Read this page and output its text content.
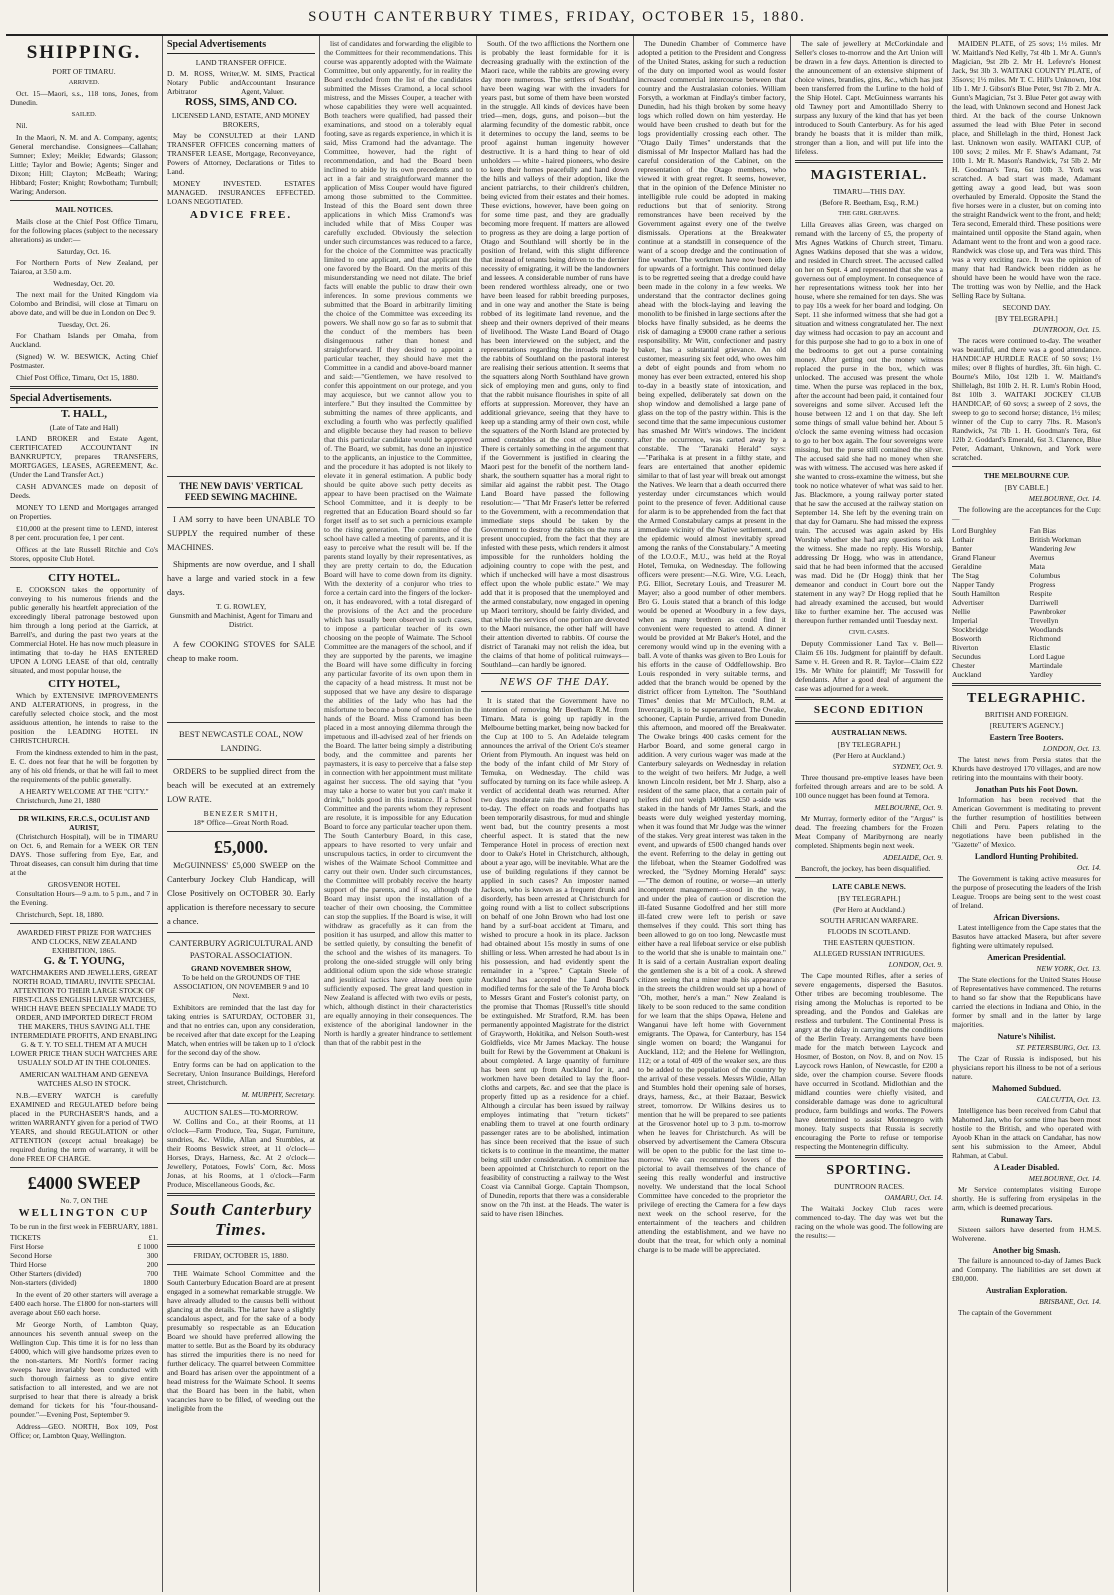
SOUTH CANTERBURY TIMES, FRIDAY, OCTOBER 15, 1880.
SHIPPING.
PORT OF TIMARU.
ARRIVED.

Oct. 15—Maori, s.s., 118 tons, Jones, from Dunedin.

SAILED.

Nil.

In the Maori, N. M. and A. Company, agents; General merchandise. Consignees—Callahan; Sumner; Exley; Meikle; Edwards; Glasson; Little; Taylor and Bowie; Agents; Singer and Dixon; Hill; Clayton; McBeath; Waring; Hibbard; Foster; Knight; Rowbotham; Turnbull; Waring; Anderson.

MAIL NOTICES.

Mails close at the Chief Post Office Timaru, for the following places (subject to the necessary alterations) as under:—

Saturday, Oct. 16.

For Northern Ports of New Zealand, per Taiaroa, at 3.50 a.m.

Wednesday, Oct. 20.

The next mail for the United Kingdom via Colombo and Brindisi, will close at Timaru on above date, and will be due in London on Dec 9.

Tuesday, Oct. 26.

For Chatham Islands per Omaha, from Auckland.

(Signed) W. W. BESWICK, Acting Chief Postmaster.

Chief Post Office, Timaru, Oct 15, 1880.

Special Advertisements.
T. HALL,
(Late of Tate and Hall)

LAND BROKER and Estate Agent, CERTIFICATED ACCOUNTANT IN BANKRUPTCY, prepares TRANSFERS, MORTGAGES, LEASES, AGREEMENT, &c. (Under the Land Transfer Act.)

CASH ADVANCES made on deposit of Deeds.

MONEY TO LEND and Mortgages arranged on Properties.

£10,000 at the present time to LEND, interest 8 per cent. procuration fee, 1 per cent.

Offices at the late Russell Ritchie and Co's Stores, opposite Club Hotel.

CITY HOTEL.

E. COOKSON takes the opportunity of conveying to his numerous friends and the public generally his heartfelt appreciation of the exceedingly liberal patronage bestowed upon him through a long period at the Garrick, at Barrell's, and during the past two years at the Commercial Hotel. He has now much pleasure in intimating that to-day he HAS ENTERED UPON A LONG LEASE of that old, centrally situated, and most popular house, the

CITY HOTEL,

Which by EXTENSIVE IMPROVEMENTS AND ALTERATIONS, in progress, in the carefully selected choice stock, and the most assiduous attention, he intends to raise to the position the LEADING HOTEL IN CHRISTCHURCH.

From the kindness extended to him in the past, E. C. does not fear that he will be forgotten by any of his old friends, or that he will fail to meet the requirements of the public generally.

A HEARTY WELCOME AT THE "CITY."

Christchurch, June 21, 1880

DR WILKINS, F.R.C.S., OCULIST AND AURIST,

(Christchurch Hospital), will be in TIMARU on Oct. 6, and Remain for a WEEK OR TEN DAYS. Those suffering from Eye, Ear, and Throat diseases, can consult him during that time at the

GROSVENOR HOTEL

Consultation Hours—9 a.m. to 5 p.m., and 7 in the Evening.

Christchurch, Sept. 18, 1880.

AWARDED FIRST PRIZE FOR WATCHES AND CLOCKS, NEW ZEALAND EXHIBITION, 1865.
G. & T. YOUNG,
WATCHMAKERS AND JEWELLERS, GREAT NORTH ROAD, TIMARU, INVITE SPECIAL ATTENTION TO THEIR LARGE STOCK OF FIRST-CLASS ENGLISH LEVER WATCHES, WHICH HAVE BEEN SPECIALLY MADE TO ORDER, AND IMPORTED DIRECT FROM THE MAKERS, THUS SAVING ALL THE INTERMEDIATE PROFITS, AND ENABLING G. & T. Y. TO SELL THEM AT A MUCH LOWER PRICE THAN SUCH WATCHES ARE USUALLY SOLD AT IN THE COLONIES.
AMERICAN WALTHAM AND GENEVA WATCHES ALSO IN STOCK.

N.B.—EVERY WATCH is carefully EXAMINED and REGULATED before being placed in the PURCHASER'S hands, and a written WARRANTY given for a period of TWO YEARS, and should REGULATION or other ATTENTION (except actual breakage) be required during the term of warranty, it will be done FREE OF CHARGE.

£4000 SWEEP
No. 7, ON THE
WELLINGTON CUP
To be run in the first week in FEBRUARY, 1881.
TICKETS	£1.
First Horse	£ 1000
Second Horse	300
Third Horse	200
Other Starters (divided)	700
Non-starters (divided)	1800

In the event of 20 other starters will average a £400 each horse. The £1800 for non-starters will average about £60 each horse.

Mr George North, of Lambton Quay, announces his seventh annual sweep on the Wellington Cup. This time it is for no less than £4000, which will give handsome prizes even to the non-starters. Mr North's former racing sweeps have invariably been conducted with such thorough fairness as to give entire satisfaction to all interested, and we are not surprised to hear that there is already a brisk demand for tickets for his "four-thousand-pounder."—Evening Post, September 9.

Address—GEO. NORTH, Box 109, Post Office; or, Lambton Quay, Wellington.

Special Advertisements
LAND TRANSFER OFFICE.
D. M. ROSS, Writer, Notary Public and Arbitrator	W. M. SIMS, Practical Accountant Insurance Agent, Valuer.
ROSS, SIMS, AND CO.
LICENSED LAND, ESTATE, AND MONEY BROKERS,

May be CONSULTED at their LAND TRANSFER OFFICES concerning matters of TRANSFER LEASE, Mortgage, Reconveyance, Powers of Attorney, Declarations or Titles to Land.

MONEY INVESTED. ESTATES MANAGED. INSURANCES EFFECTED. LOANS NEGOTIATED.

ADVICE FREE.
THE NEW DAVIS' VERTICAL FEED SEWING MACHINE.

I AM sorry to have been UNABLE TO SUPPLY the required number of these MACHINES.

Shipments are now overdue, and I shall have a large and varied stock in a few days.

T. G. ROWLEY,
Gunsmith and Machinist, Agent for Timaru and District.

A few COOKING STOVES for SALE cheap to make room.

BEST NEWCASTLE COAL, NOW LANDING.

ORDERS to be supplied direct from the beach will be executed at an extremely LOW RATE.

BENEZER SMITH,
18* Office—Great North Road.
£5,000.

McGUINNESS' £5,000 SWEEP on the Canterbury Jockey Club Handicap, will Close Positively on OCTOBER 30. Early application is therefore necessary to secure a chance.

CANTERBURY AGRICULTURAL AND PASTORAL ASSOCIATION.
GRAND NOVEMBER SHOW,
To be held on the GROUNDS OF THE ASSOCIATION, ON NOVEMBER 9 and 10 Next.

Exhibitors are reminded that the last day for taking entries is SATURDAY, OCTOBER 31, and that no entries can, upon any consideration, be received after that date except for the Leaping Match, when entries will be taken up to 1 o'clock for the second day of the show.

Entry forms can be had on application to the Secretary, Union Insurance Buildings, Hereford street, Christchurch.

M. MURPHY, Secretary.
AUCTION SALES—TO-MORROW.

W. Collins and Co., at their Rooms, at 11 o'clock—Farm Produce, Tea, Sugar, Furniture, sundries, &c. Wildie, Allan and Stumbles, at their Rooms Beswick street, at 11 o'clock—Horses, Drays, Harness, &c. At 2 o'clock—Jewellery, Potatoes, Fowls' Corn, &c. Moss Jonas, at his Rooms, at 1 o'clock—Farm Produce, Miscellaneous Goods, &c.

South Canterbury Times.
FRIDAY, OCTOBER 15, 1880.

THE Waimate School Committee and the South Canterbury Education Board are at present engaged in a somewhat remarkable struggle. We have already alluded to the causus belli without glancing at the details. The latter have a slightly scandalous aspect, and for the sake of a body presumably so respectable as an Education Board we should have preferred allowing the matter to settle. But as the Board by its obduracy has stirred the impurities there is no need for further delicacy. The quarrel between Committee and Board has arisen over the appointment of a head mistress for the Waimate School. It seems that the Board has been in the habit, when vacancies have to be filled, of weeding out the ineligible from the

list of candidates and forwarding the eligible to the Committees for their recommendations. This course was apparently adopted with the Waimate Committee, but only apparently, for in reality the Board excluded from the list of the candidates submitted the Misses Cramond, a local school mistress, and the Misses Couper, a teacher with whose capabilities they were well acquainted. Both teachers were qualified, had passed their examinations, and stood on a tolerably equal footing, save as regards experience, in which it is said, Miss Cramond had the advantage. The Committee, however, had the right of recommendation, and had the Board been inclined to abide by its own precedents and to act in a fair and straightforward manner the application of Miss Couper would have figured among those submitted to the Committee. Instead of this the Board sent down three applications in which Miss Cramond's was included while that of Miss Couper was carefully excluded. Obviously the selection under such circumstances was reduced to a farce, for the choice of the Committee was practically limited to one applicant, and that applicant the one favored by the Board. On the merits of this misunderstanding we need not dilate. The brief facts will enable the public to draw their own inferences. In some previous comments we submitted that the Board in arbitrarily limiting the choice of the Committee was exceeding its powers. We shall now go so far as to submit that the conduct of the members has been disingenuous rather than honest and straightforward. If they desired to appoint a particular teacher, they should have met the Committee in a candid and above-board manner and said:—"Gentlemen, we have resolved to confer this appointment on our protege, and you may acquiesce, but we cannot allow you to interfere." But they insulted the Committee by submitting the names of three applicants, and excluding a fourth who was perfectly qualified and eligible because they had reason to believe that this particular candidate would be approved of. The Board, we submit, has done an injustice to the applicants, an injustice to the Committee, and the procedure it has adopted is not likely to elevate it in general estimation. A public body should be quite above such petty deceits as appear to have been practised on the Waimate School Committee, and it is deeply to be regretted that an Education Board should so far forget itself as to set such a pernicious example to the rising generation. The committee of the school have called a meeting of parents, and it is easy to perceive what the result will be. If the parents stand loyally by their representatives, as they are pretty certain to do, the Education Board will have to come down from its dignity. With the dexterity of a conjuror who tries to force a certain card into the fingers of the locker-on, it has endeavored, with a total disregard of the provisions of the Act and the procedure which has usually been observed in such cases, to impose a particular teacher of its own choosing on the people of Waimate. The School Committee are the managers of the school, and if they are supported by the parents, we imagine the Board will have some difficulty in forcing any particular favorite of its own upon them in the capacity of a head mistress. It must not be supposed that we have any desire to disparage the abilities of the lady who has had the misfortune to become a bone of contention in the hands of the Board. Miss Cramond has been placed in a most annoying dilemma through the impetuous and ill-advised zeal of her friends on the Board. The latter being simply a distributing body, and the committee and parents her paymasters, it is easy to perceive that a false step in connection with her appointment must militate against her success. The old saying that "you may take a horse to water but you can't make it drink," holds good in this instance. If a School Committee and the parents whom they represent are resolute, it is impossible for any Education Board to force any particular teacher upon them. The South Canterbury Board, in this case, appears to have resorted to very unfair and unscrupulous tactics, in order to circumvent the wishes of the Waimate School Committee and carry out their own. Under such circumstances, the Committee will probably receive the hearty support of the parents, and if so, although the Board may insist upon the installation of a teacher of their own choosing, the Committee can stop the supplies. If the Board is wise, it will withdraw as gracefully as it can from the position it has usurped, and allow this matter to be settled quietly, by consulting the benefit of the school and the wishes of its managers. To prolong the one-sided struggle will only bring additional odium upon the side whose strategic and jesuitical tactics have already been quite sufficiently exposed. The great land question in New Zealand is affected with two evils or pests, which, although distinct in their characteristics are equally annoying in their consequences. The existence of the aboriginal landowner in the North is hardly a greater hindrance to settlement than that of the rabbit pest in the

South. Of the two afflictions the Northern one is probably the least formidable for it is decreasing gradually with the extinction of the Maori race, while the rabbits are growing every day more numerous. The settlers of Southland have been waging war with the invaders for years past, but some of them have been worsted in the struggle. All kinds of devices have been tried—men, dogs, guns, and poison—but the alarming fecundity of the domestic rabbit, once it determines to occupy the land, seems to be proof against human ingenuity however destructive. It is a hard thing to hear of old unholders — white - haired pioneers, who desire to keep their homes peacefully and hand down the hills and valleys of their adoption, like the ancient patriarchs, to their children's children, being evicted from their estates and their homes. These evictions, however, have been going on for some time past, and they are gradually becoming more frequent. If matters are allowed to progress as they are doing a large portion of Otago and Southland will shortly be in the position of Ireland, with this slight difference that instead of tenants being driven to the dernier necessity of emigrating, it will be the landowners and lessees. A considerable number of runs have been rendered worthless already, one or two have been leased for rabbit breeding purposes, and in one way and another the State is being robbed of its legitimate land revenue, and the sheep and their owners deprived of their means of livelihood. The Waste Land Board of Otago has been interviewed on the subject, and the representations regarding the inroads made by the rabbits of Southland on the pastoral interest are realising their serious attention. It seems that the squatters along North Southland have grown sick of employing men and guns, only to find that the rabbit nuisance flourishes in spite of all efforts at suppression. Moreover, they have an additional grievance, seeing that they have to keep up a standing army of their own cost, while the squatters of the North Island are protected by armed constables at the cost of the country. There is certainly something in the argument that if the Government is justified in clearing the Maori pest for the benefit of the northern land-shark, the southern squatter has a moral right to similar aid against the rabbit pest. The Otago Land Board have passed the following resolution:— "That Mr Fraser's letter be referred to the Government, with a recommendation that immediate steps should be taken by the Government to destroy the rabbits on the runs at present unoccupied, from the fact that they are infested with these pests, which renders it almost impossible for the runholders holding the adjoining country to cope with the pest, and which if unchecked will have a most disastrous effect upon the whole public estate." We may add that it is proposed that the unemployed and the armed constabulary, now engaged in opening up Maori territory, should be fairly divided, and that while the services of one portion are devoted to the Maori nuisance, the other half will have their attention diverted to rabbits. Of course the district of Taranaki may not relish the idea, but the claims of that home of political ruinways—Southland—can hardly be ignored.

NEWS OF THE DAY.

It is stated that the Government have no intention of removing Mr Beetham R.M. from Timaru. Mata is going up rapidly in the Melbourne betting market, being now backed for the Cup at 100 to 5. An Adelaide telegram announces the arrival of the Orient Co's steamer Orient from Plymouth. An inquest was held on the body of the infant child of Mr Story of Temuka, on Wednesday. The child was suffocated by turning on its face while asleep. A verdict of accidental death was returned. After two days moderate rain the weather cleared up to-day. The effect on roads and footpaths has been temporarily disastrous, for mud and shingle went bad, but the country presents a most cheerful aspect. It is stated that the new Temperance Hotel in process of erection next door to Oake's Hotel in Christchurch, although, about a year ago, will be inevitable. What are the use of building regulations if they cannot be applied in such cases? An imposter named Jackson, who is known as a frequent drunk and disorderly, has been arrested at Christchurch for going round with a list to collect subscriptions on behalf of one John Brown who had lost one hand by a surf-boat accident at Timaru, and wished to procure a hook in its place. Jackson had obtained about 15s mostly in sums of one shilling or less. When arrested he had about 1s in his possession, and had evidently spent the remainder in a "spree." Captain Steele of Auckland has accepted the Land Board's modified terms for the sale of the Te Aroha block to Messrs Grant and Foster's colonist party, on the promise that Thomas [Russell's title should be extinguished. Mr Stratford, R.M. has been permanently appointed Magistrate for the district of Grayworth, Hokitika, and Nelson South-west Goldfields, vice Mr James Mackay. The house built for Rewi by the Government at Ohakuni is about completed. A large quantity of furniture has been sent up from Auckland for it, and workmen have been detailed to lay the floor-cloths and carpets, &c. and see that the place is properly fitted up as a residence for a chief. Although a circular has been issued by railway employes intimating that "return tickets" enabling them to travel at one fourth ordinary passenger rates are to be abolished, intimation has since been received that the issue of such tickets is to continue in the meantime, the matter being still under consideration. A committee has been appointed at Christchurch to report on the feasibility of constructing a railway to the West Coast via Cannibal Gorge. Captain Thompson, of Dunedin, reports that there was a considerable snow on the 7th inst. at the Heads. The water is said to have risen 18inches.

The Dunedin Chamber of Commerce have adopted a petition to the President and Congress of the United States, asking for such a reduction of the duty on imported wool as would foster increased commercial intercourse between that country and the Australasian colonies. William Forsyth, a workman at Findlay's timber factory, Dunedin, had his thigh broken by some heavy logs which rolled down on him yesterday. He would have been crushed to death but for the logs providentially crossing each other. The "Otago Daily Times" understands that the dismissal of Mr Inspector Mallard has had the careful consideration of the Cabinet, on the representation of the Otago members, who viewed it with great regret. It seems, however, that in the opinion of the Defence Minister no intelligible rule could be adopted in making reductions but that of seniority. Strong remonstrances have been received by the Government against every one of the twelve dismissals. Operations at the Breakwater continue at a standstill in consequence of the want of a scoop dredge and the continuation of fine weather. The workmen have now been idle for upwards of a fortnight. This continued delay is to be regretted seeing that a dredge could have been made in the colony in a few weeks. We understand that the contractor declines going ahead with the block-laying and leaving the monolith to be finished in large sections after the blocks have finally subsided, as he deems the risk of damaging a £9000 crane rather a serious responsibility. Mr Witt, confectioner and pastry baker, has a substantial grievance. An old customer, measuring six feet odd, who owes him a debt of eight pounds and from whom no money has ever been extracted, entered his shop to-day in a beastly state of intoxication, and being expelled, deliberately sat down on the shop window and demolished a large pane of glass on the top of the pastry within. This is the second time that the same impecunious customer has smashed Mr Witt's windows. The incident after the occurrence, was carted away by a constable. The "Taranaki Herald" says:—"Parihaka is at present in a filthy state, and fears are entertained that another epidemic similar to that of last year will break out amongst the Natives. We learn that a death occurred there yesterday under circumstances which would point to the presence of fever. Additional cause for alarm is to be apprehended from the fact that the Armed Constabulary camps at present in the immediate vicinity of the Native settlement, and the epidemic would almost inevitably spread among the ranks of the Constabulary." A meeting of the I.O.O.F., M.U., was held at the Royal Hotel, Temuka, on Wednesday. The following officers were present:—N.G. Wire, V.G. Leach, P.G. Elliot, Secretary Louis, and Treasurer M. Mayer; also a good number of other members. Bro G. Louis stated that a branch of this lodge would be opened at Woodbury in a few days, when as many brethren as could find it convenient were requested to attend. A dinner would be provided at Mr Baker's Hotel, and the ceremony would wind up in the evening with a ball. A vote of thanks was given to Bro Louis for his efforts in the cause of Oddfellowship. Bro Louis responded in very suitable terms, and added that the branch would be opened by the district officer from Lyttelton. The "Southland Times" denies that Mr M'Culloch, R.M. at Invercargill, is to be superannuated. The Owake, schooner, Captain Purdie, arrived from Dunedin this afternoon, and moored off the Breakwater. The Owake brings 400 casks cement for the Harbor Board, and some general cargo in addition. A very curious wager was made at the Canterbury saleyards on Wednesday in relation to the weight of two heifers. Mr Judge, a well known Lincoln resident, bet Mr J. Sharp, also a resident of the same place, that a certain pair of heifers did not weigh 1400lbs. £50 a-side was staked in the hands of Mr James Stark, and the beasts were duly weighed yesterday morning, when it was found that Mr Judge was the winner of the stakes. Very great interest was taken in the event, and upwards of £500 changed hands over the event. Referring to the delay in getting out the lifeboat, when the Steamer Godolfred was wrecked, the "Sydney Morning Herald" says:—"The demon of routine, or worse—an utterly incompetent management—stood in the way, and under the plea of caution or discretion the ill-fated Susanne Godolfred and her still more ill-fated crew were left to perish or save themselves if they could. This sort thing has been allowed to go on too long. Newcastle must either have a real lifeboat service or else publish to the world that she is unable to maintain one." It is said of a certain Australian export dealing the gentlemen she is a bit of a cook. A shrewd citizen seeing that a miner made his appearance in the streets the children would set up a howl of "Oh, mother, here's a man." New Zealand is likely to be soon reduced to the same condition for we learn that the ships Opawa, Helene and Wanganui have left home with Government emigrants. The Opawa, for Canterbury, has 154 single women on board; the Wanganui for Auckland, 112; and the Helene for Wellington, 112; or a total of 409 of the weaker sex, are thus to be added to the population of the country by the arrival of these vessels. Messrs Wildie, Allan and Stumbles hold their opening sale of horses, drays, harness, &c., at their Bazaar, Beswick street, tomorrow. Dr Wilkins desires us to mention that he will be prepared to see patients at the Grosvenor hotel up to 3 p.m. to-morrow when he leaves for Christchurch. As will be observed by advertisement the Camera Obscura will be open to the public for the last time to-morrow. We can recommend lovers of the pictorial to avail themselves of the chance of seeing this really wonderful and instructive novelty. We understand that the local School Committee have conceded to the proprietor the privilege of erecting the Camera for a few days next week on the school reserve, for the entertainment of the teachers and children attending the establishment, and we have no doubt that the treat, for which only a nominal charge is to be made will be appreciated.

The sale of jewellery at McCorkindale and Seller's closes to-morrow and the Art Union will be drawn in a few days. Attention is directed to the announcement of an extensive shipment of choice wines, brandies, gins, &c., which has just been transferred from the Lurline to the hold of the Ship Hotel. Capt. McGuinness warrants his old Tawney port and Amontillado Sherry to surpass any luxury of the kind that has yet been introduced to South Canterbury. As for his aged brandy he boasts that it is milder than milk, stronger than a lion, and will put life into the lifeless.

MAGISTERIAL.
TIMARU—THIS DAY.
(Before R. Beetham, Esq., R.M.)
THE GIRL GREAVES.

Lilla Greaves alias Green, was charged on remand with the larceny of £5, the property of Mrs Agnes Watkins of Church street, Timaru. Agnes Watkins deposed that she was a widow, and resided in Church street. The accused called on her on Sept. 4 and represented that she was a governess out of employment. In consequence of her representations witness took her into her house, where she remained for ten days. She was to pay 10s a week for her board and lodging. On Sept. 11 she informed witness that she had got a situation and witness congratulated her. The next day witness had occasion to pay an account and for this purpose she had to go to a box in one of the bedrooms to get out a purse containing money. After getting out the money witness replaced the purse in the box, which was unlocked. The accused was present the whole time. When the purse was replaced in the box, after the account had been paid, it contained four sovereigns and some silver. Accused left the house between 12 and 1 on that day. She left some things of small value behind her. About 5 o'clock the same evening witness had occasion to go to her box again. The four sovereigns were missing, but the purse still contained the silver. The accused said she had no money when she was with witness. The accused was here asked if she wanted to cross-examine the witness, but she took no notice whatever of what was said to her. Jas. Blackmore, a young railway porter stated that he saw the accused at the railway station on September 14. She left by the evening train on that day for Oamaru. She had missed the express train. The accused was again asked by His Worship whether she had any questions to ask the witness. She made no reply. His Worship, addressing Dr Hogg, who was in attendance, said that he had been informed that the accused was mad. Did he (Dr Hogg) think that her demeanor and conduct in Court bore out the statement in any way? Dr Hogg replied that he had already examined the accused, but would like to further examine her. The accused was thereupon further remanded until Tuesday next.

CIVIL CASES.

Deputy Commissioner Land Tax v. Bell—Claim £6 10s. Judgment for plaintiff by default. Same v. H. Green and R. R. Taylor—Claim £22 19s. Mr White for plaintiff; Mr Tosswill for defendants. After a good deal of argument the case was adjourned for a week.

SECOND EDITION
AUSTRALIAN NEWS.
[BY TELEGRAPH.]
(Per Hero at Auckland.)
SYDNEY, Oct. 9.

Three thousand pre-emptive leases have been forfeited through arrears and are to be sold. A 100 ounce nugget has been found at Temora.

MELBOURNE, Oct. 9.

Mr Murray, formerly editor of the "Argus" is dead. The freezing chambers for the Frozen Meat Company of Maribyrnong are nearly completed. Shipments begin next week.

ADELAIDE, Oct. 9.

Bancroft, the jockey, has been disqualified.

LATE CABLE NEWS.
[BY TELEGRAPH.]
(Per Hero at Auckland.)
SOUTH AFRICAN WARFARE.
FLOODS IN SCOTLAND.
THE EASTERN QUESTION.
ALLEGED RUSSIAN INTRIGUES.
LONDON, Oct. 9.

The Cape mounted Rifles, after a series of severe engagements, dispersed the Basutos. Other tribes are becoming troublesome. The rising among the Moluchas is reported to be spreading, and the Pondos and Galekas are restless and turbulent. The Continental Press is angry at the delay in carrying out the conditions of the Berlin Treaty. Arrangements have been made for the match between Laycock and Hosmer, of Boston, on Nov. 8, and on Nov. 15 Laycock rows Hanlon, of Newcastle, for £200 a side, over the champion course. Severe floods have occurred in Scotland. Midlothian and the midland counties were chiefly visited, and considerable damage was done to agricultural produce, farm buildings and works. The Powers have determined to assist Montenegro with money. Italy suspects that Russia is secretly encouraging the Porte to refuse or temporise respecting the Montenegrin difficulty.

SPORTING.
DUNTROON RACES.
OAMARU, Oct. 14.

The Waitaki Jockey Club races were commenced to-day. The day was wet but the racing on the whole was good. The following are the results:—

MAIDEN PLATE, of 25 sovs; 1½ miles. Mr W. Maitland's Ned Kelly, 7st 4lb 1. Mr A. Gunn's Magician, 9st 2lb 2. Mr H. Lefevre's Honest Jack, 9st 3lb 3. WAITAKI COUNTY PLATE, of 35sovs; 1½ miles. Mr T. C. Hill's Unknown, 10st 1lb 1. Mr J. Gibson's Blue Peter, 9st 7lb 2. Mr A. Gunn's Magician, 7st 3. Blue Peter got away with the lead, with Unknown second and Honest Jack third. At the back of the course Unknown assumed the lead with Blue Peter in second place, and Shillelagh in the third, Honest Jack last. Unknown won easily. WAITAKI CUP, of 100 sovs; 2 miles. Mr F. Shaw's Adamant, 7st 10lb 1. Mr R. Mason's Randwick, 7st 5lb 2. Mr H. Goodman's Tera, 6st 10lb 3. York was scratched. A bad start was made, Adamant getting away a good lead, but was soon overhauled by Emerald. Opposite the Stand the five horses were in a cluster, but on coming into the straight Randwick went to the front, and held; Tera second, Emerald third. These positions were maintained until opposite the Stand again, when Adamant went to the front and won a good race. Randwick was close up, and Tera was third. This was a very exciting race. It was the opinion of many that had Randwick been ridden as he should have been he would have won the race. The trotting was won by Nellie, and the Hack Selling Race by Sultana.

SECOND DAY.
[BY TELEGRAPH.]
DUNTROON, Oct. 15.

The races were continued to-day. The weather was beautiful, and there was a good attendance. HANDICAP HURDLE RACE of 50 sovs; 1½ miles; over 8 flights of hurdles, 3ft. 6in high. C. Bourne's Milo, 10st 12lb 1. W. Maitland's Shillelagh, 8st 10lb 2. H. R. Lum's Robin Hood, 8st 10lb 3. WAITAKI JOCKEY CLUB HANDICAP, of 60 sovs; a sweep of 2 sovs, the sweep to go to second horse; distance, 1½ miles; winner of the Cup to carry 7lbs. R. Mason's Randwick, 7st 7lb 1. H. Goodman's Tera, 6st 12lb 2. Goddard's Emerald, 6st 3. Clarence, Blue Peter, Adamant, Unknown, and York were scratched.

THE MELBOURNE CUP.
[BY CABLE.]
MELBOURNE, Oct. 14.

The following are the acceptances for the Cup:—

Lord Burghley	Fan Bias
Lothair	British Workman
Banter	Wandering Jew
Grand Flaneur	Avernus
Geraldine	Mata
The Stag	Columbus
Napper Tandy	Progress
South Hamilton	Respite
Advertiser	Darriwell
Nellie	Pawnbroker
Imperial	Trevellyn
Stockbridge	Woodlands
Bosworth	Richmond
Riverton	Elastic
Secundus	Lord Lague
Chester	Martindale
Auckland	Yardley
TELEGRAPHIC.
BRITISH AND FOREIGN.
[REUTER'S AGENCY.]
Eastern Tree Booters.
LONDON, Oct. 13.

The latest news from Persia states that the Khurds have destroyed 170 villages, and are now retiring into the mountains with their booty.

Jonathan Puts his Foot Down.

Information has been received that the American Government is meditating to prevent the further resumption of hostilities between Chili and Peru. Papers relating to the negotiations have been published in the "Gazette" of Mexico.

Landlord Hunting Prohibited.
Oct. 14.

The Government is taking active measures for the purpose of prosecuting the leaders of the Irish League. Troops are being sent to the west coast of Ireland.

African Diversions.

Latest intelligence from the Cape states that the Basutos have attacked Masera, but after severe fighting were ultimately repulsed.

American Presidential.
NEW YORK, Oct. 13.

The State elections for the United States House of Representatives have commenced. The returns to hand so far show that the Republicans have carried the elections in Indiana and Ohio, in the former by small and in the latter by large majorities.

Nature's Nihilist.
ST. PETERSBURG, Oct. 13.

The Czar of Russia is indisposed, but his physicians report his illness to be not of a serious nature.

Mahomed Subdued.
CALCUTTA, Oct. 13.

Intelligence has been received from Cabul that Mahomed Jan, who for some time has been most hostile to the British, and who operated with Ayoob Khan in the attack on Candahar, has now sent his submission to the Ameer, Abdul Rahman, at Cabul.

A Leader Disabled.
MELBOURNE, Oct. 14.

Mr Service contemplates visiting Europe shortly. He is suffering from erysipelas in the arm, which is deemed precarious.

Runaway Tars.

Sixteen sailors have deserted from H.M.S. Wolverene.

Another big Smash.

The failure is announced to-day of James Buck and Company. The liabilities are set down at £80,000.

Australian Exploration.
BRISBANE, Oct. 14.

The captain of the Government
